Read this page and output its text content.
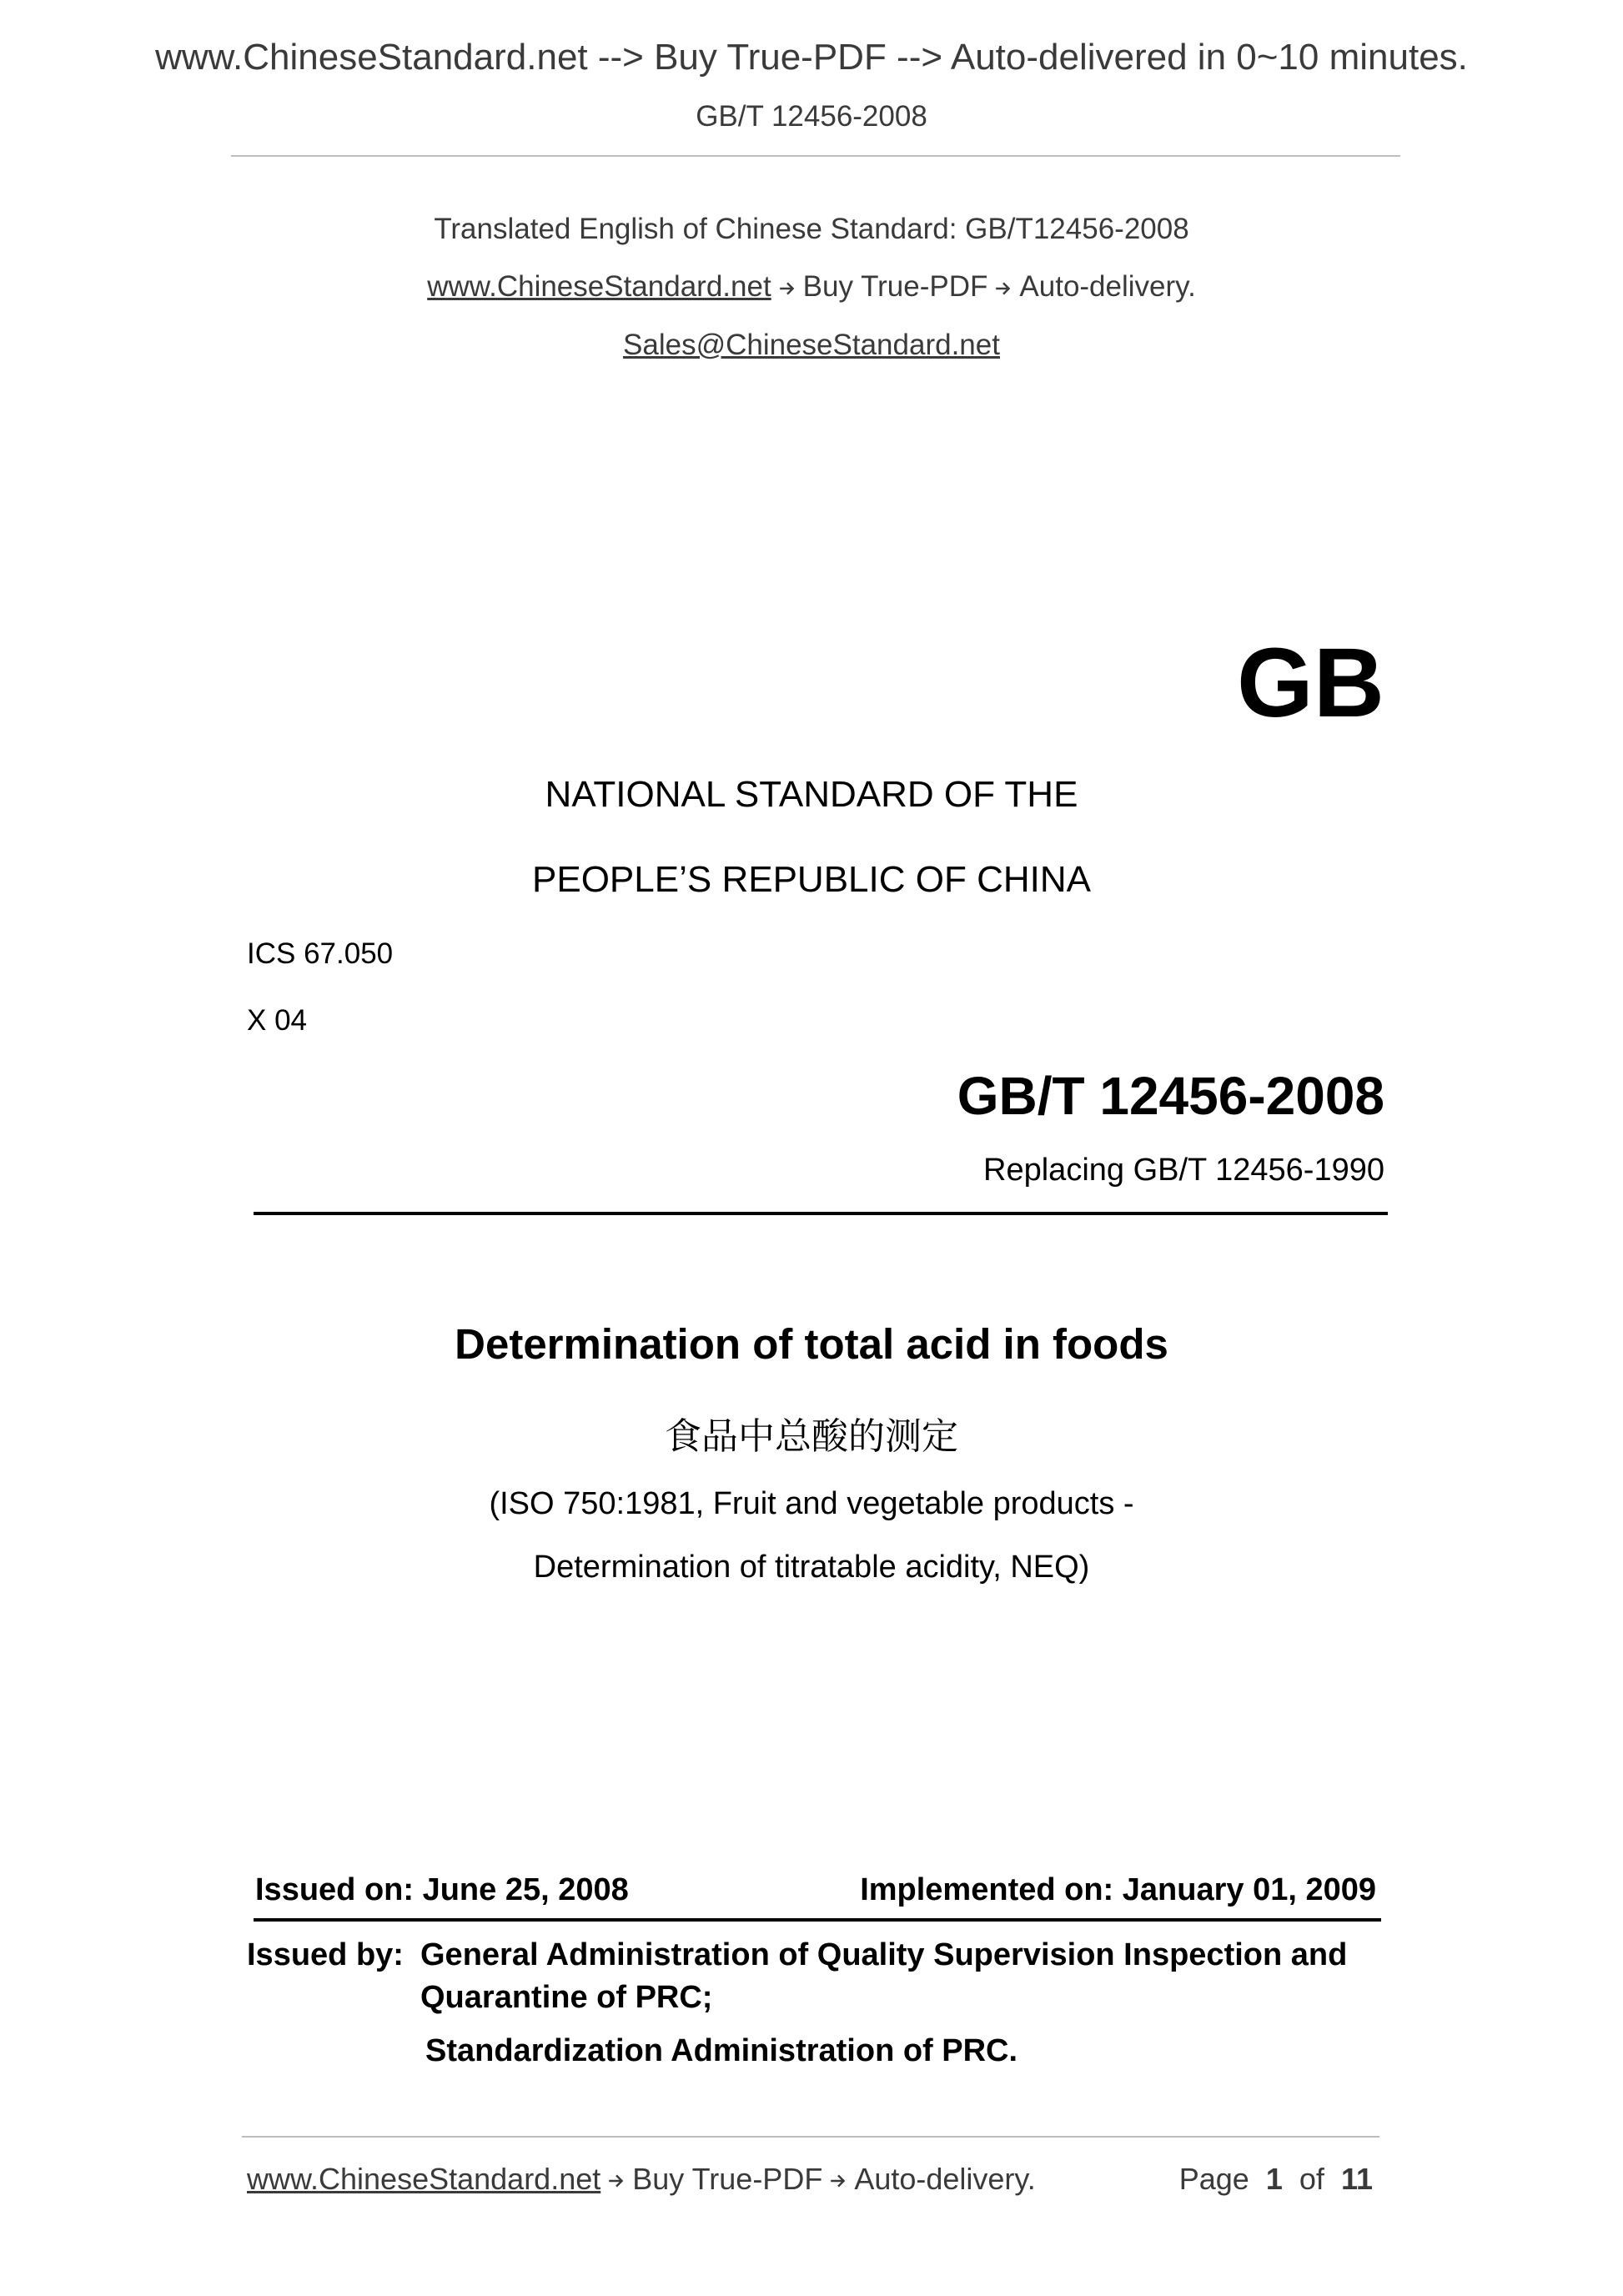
www.ChineseStandard.net --> Buy True-PDF --> Auto-delivered in 0~10 minutes.
GB/T 12456-2008
Translated English of Chinese Standard: GB/T12456-2008
www.ChineseStandard.net Buy True-PDF Auto-delivery.
Sales@ChineseStandard.net
GB
NATIONAL STANDARD OF THE
PEOPLE’S REPUBLIC OF CHINA
ICS 67.050
X 04
GB/T 12456-2008
Replacing GB/T 12456-1990
Determination of total acid in foods
食品中总酸的测定
(ISO 750:1981, Fruit and vegetable products -
Determination of titratable acidity, NEQ)
Issued on: June 25, 2008	Implemented on: January 01, 2009
Issued by: General Administration of Quality Supervision Inspection and
Quarantine of PRC;
Standardization Administration of PRC.
www.ChineseStandard.net Buy True-PDF Auto-delivery.	Page 1 of 11
